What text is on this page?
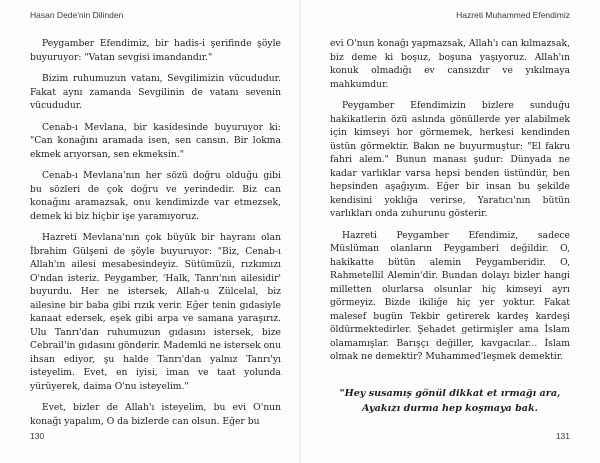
Hasan Dede'nin Dilinden

Peygamber Efendimiz, bir hadis-i şerifinde şöyle buyuruyor: "Vatan sevgisi imandandır."

Bizim ruhumuzun vatanı, Sevgilimizin vücududur. Fakat aynı zamanda Sevgilinin de vatanı sevenin vücududur.

Cenab-ı Mevlana, bir kasidesinde buyuruyor ki: "Can konağını aramada isen, sen cansın. Bir lokma ekmek arıyorsan, sen ekmeksin."

Cenab-ı Mevlana'nın her sözü doğru olduğu gibi bu sözleri de çok doğru ve yerindedir. Biz can konağını aramazsak, onu kendimizde var etmezsek, demek ki biz hiçbir işe yaramıyoruz.

Hazreti Mevlana'nın çok büyük bir hayranı olan İbrahim Gülşeni de şöyle buyuruyor: "Biz, Cenab-ı Allah'ın ailesi mesabesindeyiz. Sütümüzü, rızkımızı O'ndan isteriz. Peygamber, 'Halk, Tanrı'nın ailesidir' buyurdu. Her ne istersek, Allah-u Zülcelal, biz ailesine bir baba gibi rızık verir. Eğer tenin gıdasiyle kanaat edersek, eşek gibi arpa ve samana yaraşırız. Ulu Tanrı'dan ruhumuzun gıdasını istersek, bize Cebrail'in gıdasını gönderir. Mademki ne istersek onu ihsan ediyor, şu halde Tanrı'dan yalnız Tanrı'yı isteyelim. Evet, en iyisi, iman ve taat yolunda yürüyerek, daima O'nu isteyelim."

Evet, bizler de Allah'ı isteyelim, bu evi O'nun konağı yapalım, O da bizlerde can olsun. Eğer bu

130
Hazreti Muhammed Efendimiz

evi O'nun konağı yapmazsak, Allah'ı can kılmazsak, biz deme ki boşuz, boşuna yaşıyoruz. Allah'ın konuk olmadığı ev cansızdır ve yıkılmaya mahkumdur.

Peygamber Efendimizin bizlere sunduğu hakikatlerin özü aslında gönüllerde yer alabilmek için kimseyi hor görmemek, herkesi kendinden üstün görmektir. Bakın ne buyurmuştur: "El fakru fahri alem." Bunun manası şudur: Dünyada ne kadar varlıklar varsa hepsi benden üstündür, ben hepsinden aşağıyım. Eğer bir insan bu şekilde kendisini yoklığa verirse, Yaratıcı'nın bütün varlıkları onda zuhurunu gösterir.

Hazreti Peygamber Efendimiz, sadece Müslüman olanların Peygamberi değildir. O, hakikatte bütün alemin Peygamberidir. O, Rahmetellil Alemin'dir. Bundan dolayı bizler hangi milletten olurlarsa olsunlar hiç kimseyi ayrı görmeyiz. Bizde ikiliğe hiç yer yoktur. Fakat malesef bugün Tekbir getirerek kardeş kardeşi öldürmektedirler. Şehadet getirmişler ama İslam olamamışlar. Barışçı değiller, kavgacılar... İslam olmak ne demektir? Muhammed'leşmek demektir.

"Hey susamış gönül dikkat et ırmağı ara,
Ayakızı durma hep koşmaya bak.
131
